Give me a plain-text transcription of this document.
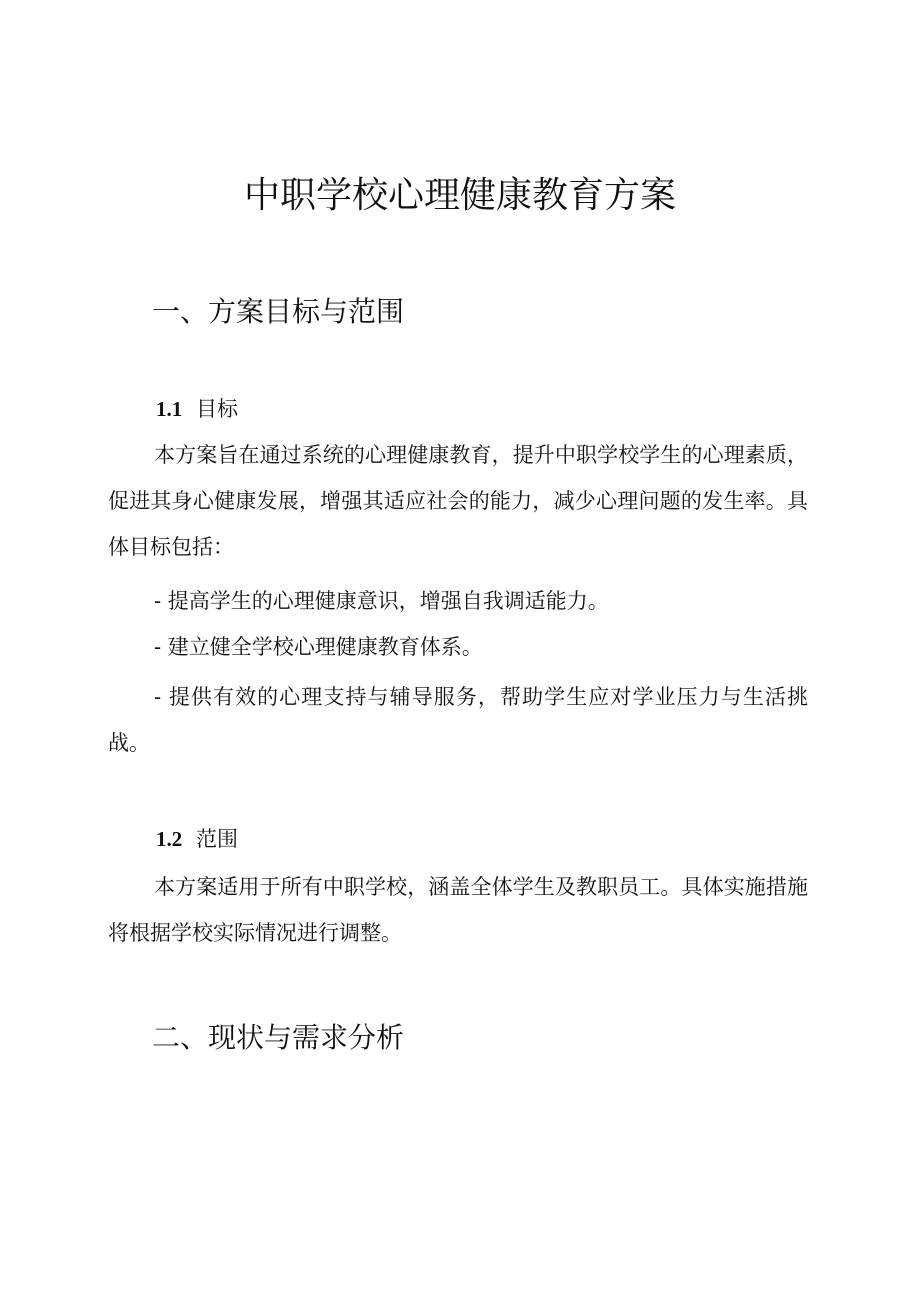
中职学校心理健康教育方案
一、方案目标与范围
1.1 目标

本方案旨在通过系统的心理健康教育，提升中职学校学生的心理素质，促进其身心健康发展，增强其适应社会的能力，减少心理问题的发生率。具体目标包括：

- 提高学生的心理健康意识，增强自我调适能力。

- 建立健全学校心理健康教育体系。

- 提供有效的心理支持与辅导服务，帮助学生应对学业压力与生活挑战。

1.2 范围

本方案适用于所有中职学校，涵盖全体学生及教职员工。具体实施措施将根据学校实际情况进行调整。

二、现状与需求分析
